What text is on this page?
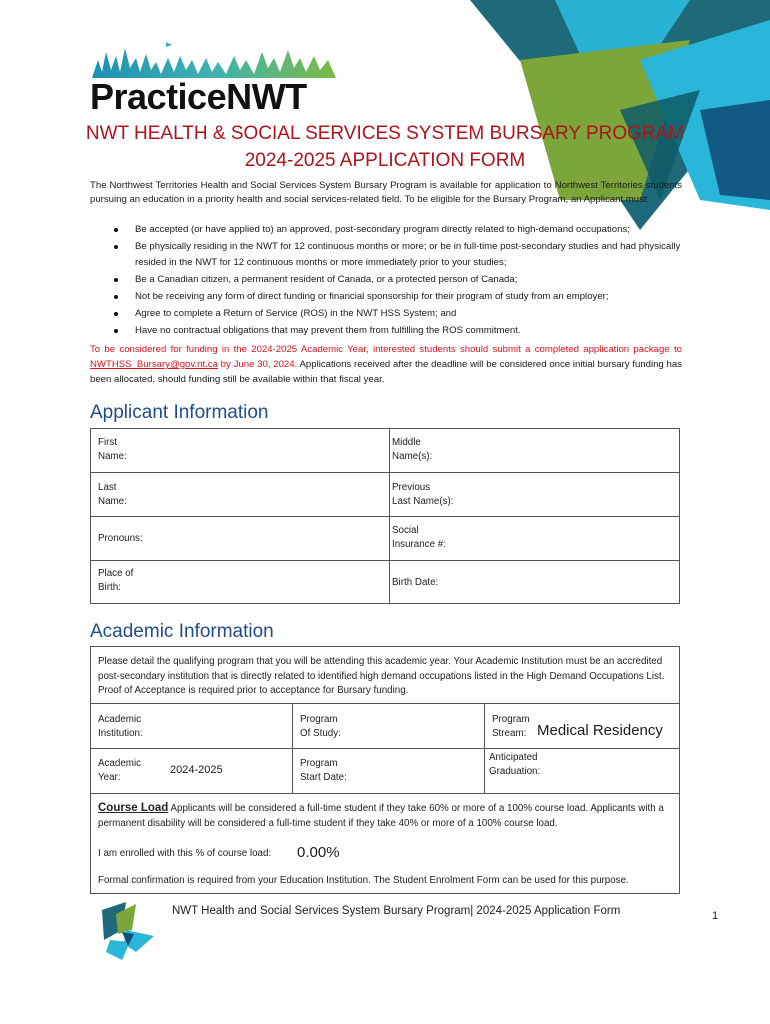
PracticeNWT
NWT HEALTH & SOCIAL SERVICES SYSTEM BURSARY PROGRAM
2024-2025 APPLICATION FORM
The Northwest Territories Health and Social Services System Bursary Program is available for application to Northwest Territories students pursuing an education in a priority health and social services-related field. To be eligible for the Bursary Program, an Applicant must:
Be accepted (or have applied to) an approved, post-secondary program directly related to high-demand occupations;
Be physically residing in the NWT for 12 continuous months or more; or be in full-time post-secondary studies and had physically resided in the NWT for 12 continuous months or more immediately prior to your studies;
Be a Canadian citizen, a permanent resident of Canada, or a protected person of Canada;
Not be receiving any form of direct funding or financial sponsorship for their program of study from an employer;
Agree to complete a Return of Service (ROS) in the NWT HSS System; and
Have no contractual obligations that may prevent them from fulfilling the ROS commitment.
To be considered for funding in the 2024-2025 Academic Year, interested students should submit a completed application package to NWTHSS_Bursary@gov.nt.ca by June 30, 2024. Applications received after the deadline will be considered once initial bursary funding has been allocated, should funding still be available within that fiscal year.
Applicant Information
First
Name:
Middle
Name(s):
Last
Name:
Previous
Last Name(s):
Pronouns:
Social
Insurance #:
Place of
Birth:	Birth Date:
Academic Information
Please detail the qualifying program that you will be attending this academic year. Your Academic Institution must be an accredited post-secondary institution that is directly related to identified high demand occupations listed in the High Demand Occupations List. Proof of Acceptance is required prior to acceptance for Bursary funding.
Academic
Institution:
Program
Of Study:
Program
Stream: Medical Residency
Academic
Year:
2024-2025
Program
Start Date:
Anticipated
Graduation:
Course Load Applicants will be considered a full-time student if they take 60% or more of a 100% course load. Applicants with a permanent disability will be considered a full-time student if they take 40% or more of a 100% course load.
I am enrolled with this % of course load: 0.00%
Formal confirmation is required from your Education Institution. The Student Enrolment Form can be used for this purpose.
NWT Health and Social Services System Bursary Program| 2024-2025 Application Form	1
